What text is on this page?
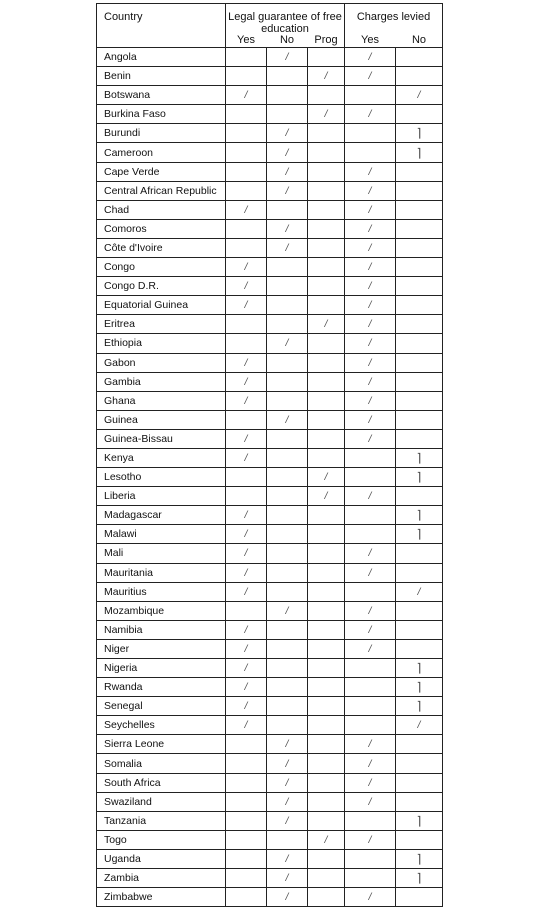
Country	Legal guarantee of free education
Yes No Prog			Charges levied
Yes No	

Angola		/		/	
Benin			/	/	
Botswana	/				/
Burkina Faso			/	/	
Burundi		/			⌉
Cameroon		/			⌉
Cape Verde		/		/	
Central African Republic		/		/	
Chad	/			/	
Comoros		/		/	
Côte d'Ivoire		/		/	
Congo	/			/	
Congo D.R.	/			/	
Equatorial Guinea	/			/	
Eritrea			/	/	
Ethiopia		/		/	
Gabon	/			/	
Gambia	/			/	
Ghana	/			/	
Guinea		/		/	
Guinea-Bissau	/			/	
Kenya	/				⌉
Lesotho			/		⌉
Liberia			/	/	
Madagascar	/				⌉
Malawi	/				⌉
Mali	/			/	
Mauritania	/			/	
Mauritius	/				/
Mozambique		/		/	
Namibia	/			/	
Niger	/			/	
Nigeria	/				⌉
Rwanda	/				⌉
Senegal	/				⌉
Seychelles	/				/
Sierra Leone		/		/	
Somalia		/		/	
South Africa		/		/	
Swaziland		/		/	
Tanzania		/			⌉
Togo			/	/	
Uganda		/			⌉
Zambia		/			⌉
Zimbabwe		/		/	
